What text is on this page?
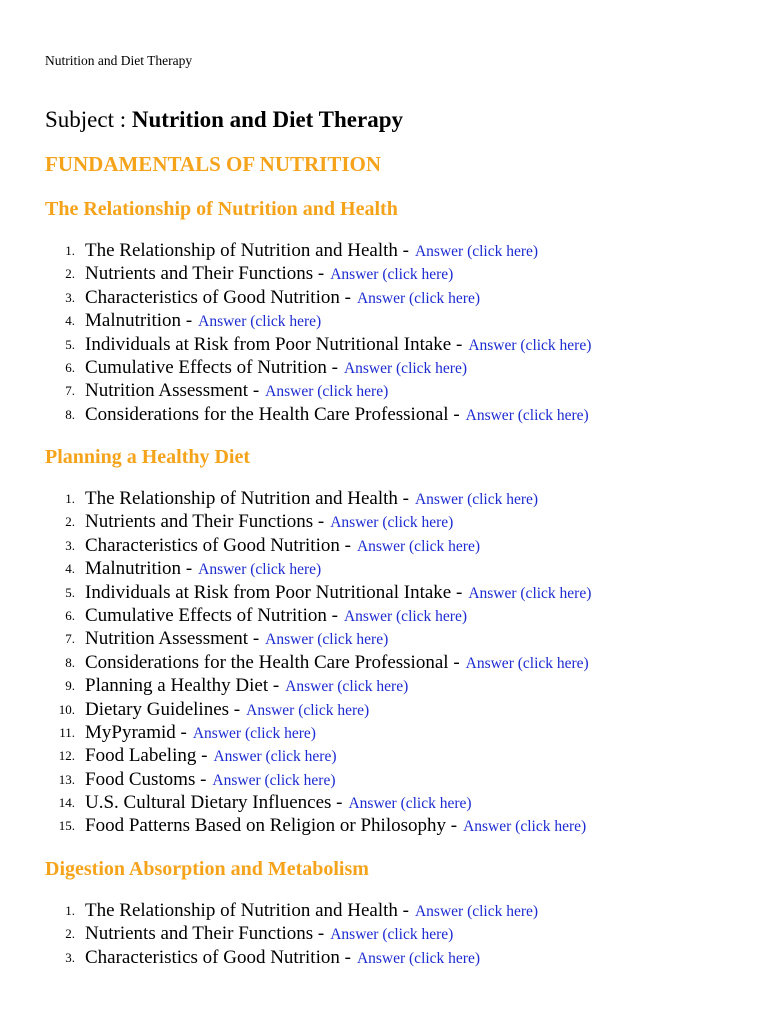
Nutrition and Diet Therapy
Subject : Nutrition and Diet Therapy
FUNDAMENTALS OF NUTRITION
The Relationship of Nutrition and Health
1. The Relationship of Nutrition and Health - Answer (click here)
2. Nutrients and Their Functions - Answer (click here)
3. Characteristics of Good Nutrition - Answer (click here)
4. Malnutrition - Answer (click here)
5. Individuals at Risk from Poor Nutritional Intake - Answer (click here)
6. Cumulative Effects of Nutrition - Answer (click here)
7. Nutrition Assessment - Answer (click here)
8. Considerations for the Health Care Professional - Answer (click here)
Planning a Healthy Diet
1. The Relationship of Nutrition and Health - Answer (click here)
2. Nutrients and Their Functions - Answer (click here)
3. Characteristics of Good Nutrition - Answer (click here)
4. Malnutrition - Answer (click here)
5. Individuals at Risk from Poor Nutritional Intake - Answer (click here)
6. Cumulative Effects of Nutrition - Answer (click here)
7. Nutrition Assessment - Answer (click here)
8. Considerations for the Health Care Professional - Answer (click here)
9. Planning a Healthy Diet - Answer (click here)
10. Dietary Guidelines - Answer (click here)
11. MyPyramid - Answer (click here)
12. Food Labeling - Answer (click here)
13. Food Customs - Answer (click here)
14. U.S. Cultural Dietary Influences - Answer (click here)
15. Food Patterns Based on Religion or Philosophy - Answer (click here)
Digestion Absorption and Metabolism
1. The Relationship of Nutrition and Health - Answer (click here)
2. Nutrients and Their Functions - Answer (click here)
3. Characteristics of Good Nutrition - Answer (click here)
